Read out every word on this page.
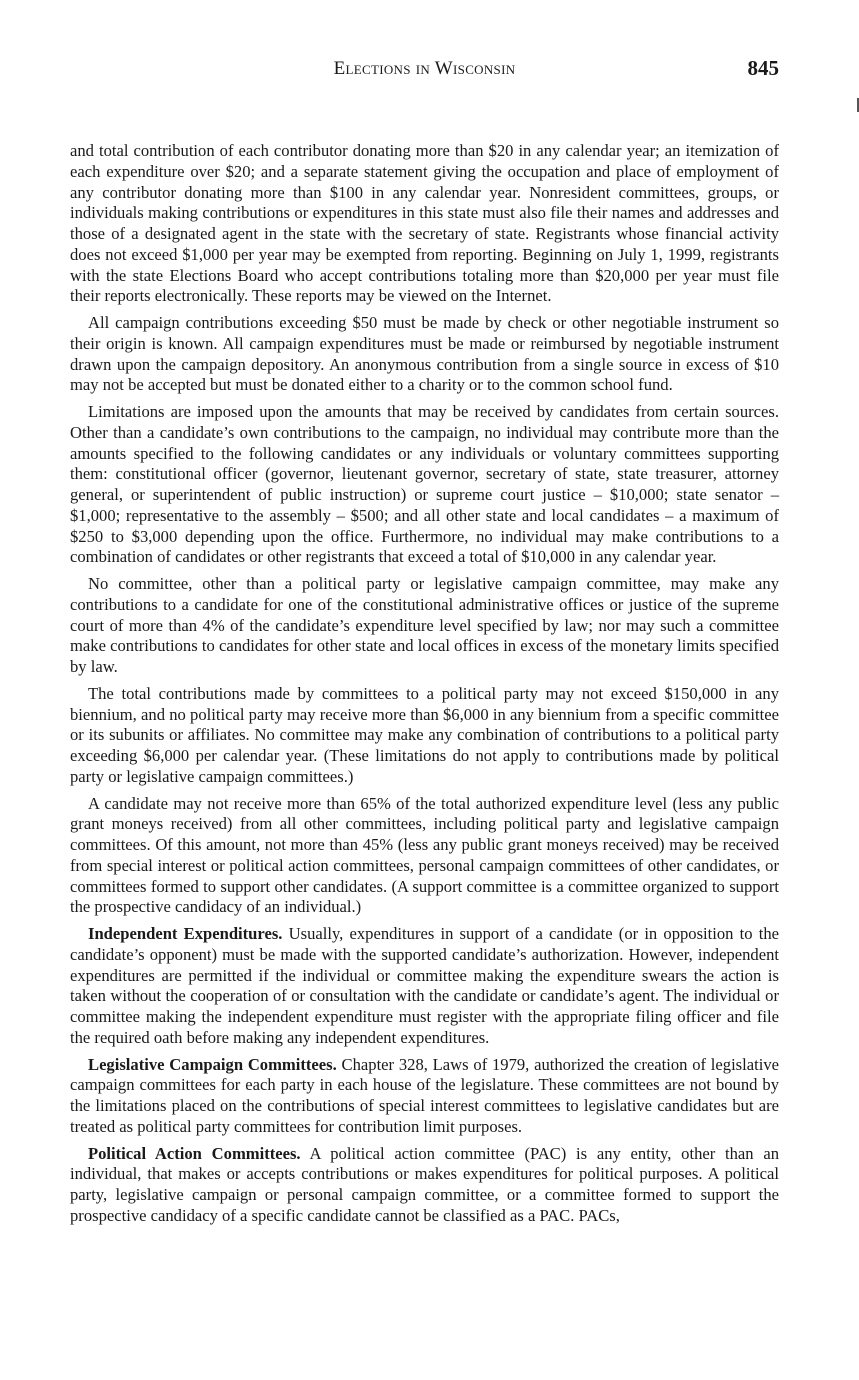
Elections in Wisconsin	845

and total contribution of each contributor donating more than $20 in any calendar year; an itemization of each expenditure over $20; and a separate statement giving the occupation and place of employment of any contributor donating more than $100 in any calendar year. Nonresident committees, groups, or individuals making contributions or expenditures in this state must also file their names and addresses and those of a designated agent in the state with the secretary of state. Registrants whose financial activity does not exceed $1,000 per year may be exempted from reporting. Beginning on July 1, 1999, registrants with the state Elections Board who accept contributions totaling more than $20,000 per year must file their reports electronically. These reports may be viewed on the Internet.

All campaign contributions exceeding $50 must be made by check or other negotiable instrument so their origin is known. All campaign expenditures must be made or reimbursed by negotiable instrument drawn upon the campaign depository. An anonymous contribution from a single source in excess of $10 may not be accepted but must be donated either to a charity or to the common school fund.

Limitations are imposed upon the amounts that may be received by candidates from certain sources. Other than a candidate’s own contributions to the campaign, no individual may contribute more than the amounts specified to the following candidates or any individuals or voluntary committees supporting them: constitutional officer (governor, lieutenant governor, secretary of state, state treasurer, attorney general, or superintendent of public instruction) or supreme court justice – $10,000; state senator – $1,000; representative to the assembly – $500; and all other state and local candidates – a maximum of $250 to $3,000 depending upon the office. Furthermore, no individual may make contributions to a combination of candidates or other registrants that exceed a total of $10,000 in any calendar year.

No committee, other than a political party or legislative campaign committee, may make any contributions to a candidate for one of the constitutional administrative offices or justice of the supreme court of more than 4% of the candidate’s expenditure level specified by law; nor may such a committee make contributions to candidates for other state and local offices in excess of the monetary limits specified by law.

The total contributions made by committees to a political party may not exceed $150,000 in any biennium, and no political party may receive more than $6,000 in any biennium from a specific committee or its subunits or affiliates. No committee may make any combination of contributions to a political party exceeding $6,000 per calendar year. (These limitations do not apply to contributions made by political party or legislative campaign committees.)

A candidate may not receive more than 65% of the total authorized expenditure level (less any public grant moneys received) from all other committees, including political party and legislative campaign committees. Of this amount, not more than 45% (less any public grant moneys received) may be received from special interest or political action committees, personal campaign committees of other candidates, or committees formed to support other candidates. (A support committee is a committee organized to support the prospective candidacy of an individual.)

Independent Expenditures. Usually, expenditures in support of a candidate (or in opposition to the candidate’s opponent) must be made with the supported candidate’s authorization. However, independent expenditures are permitted if the individual or committee making the expenditure swears the action is taken without the cooperation of or consultation with the candidate or candidate’s agent. The individual or committee making the independent expenditure must register with the appropriate filing officer and file the required oath before making any independent expenditures.

Legislative Campaign Committees. Chapter 328, Laws of 1979, authorized the creation of legislative campaign committees for each party in each house of the legislature. These committees are not bound by the limitations placed on the contributions of special interest committees to legislative candidates but are treated as political party committees for contribution limit purposes.

Political Action Committees. A political action committee (PAC) is any entity, other than an individual, that makes or accepts contributions or makes expenditures for political purposes. A political party, legislative campaign or personal campaign committee, or a committee formed to support the prospective candidacy of a specific candidate cannot be classified as a PAC. PACs,
